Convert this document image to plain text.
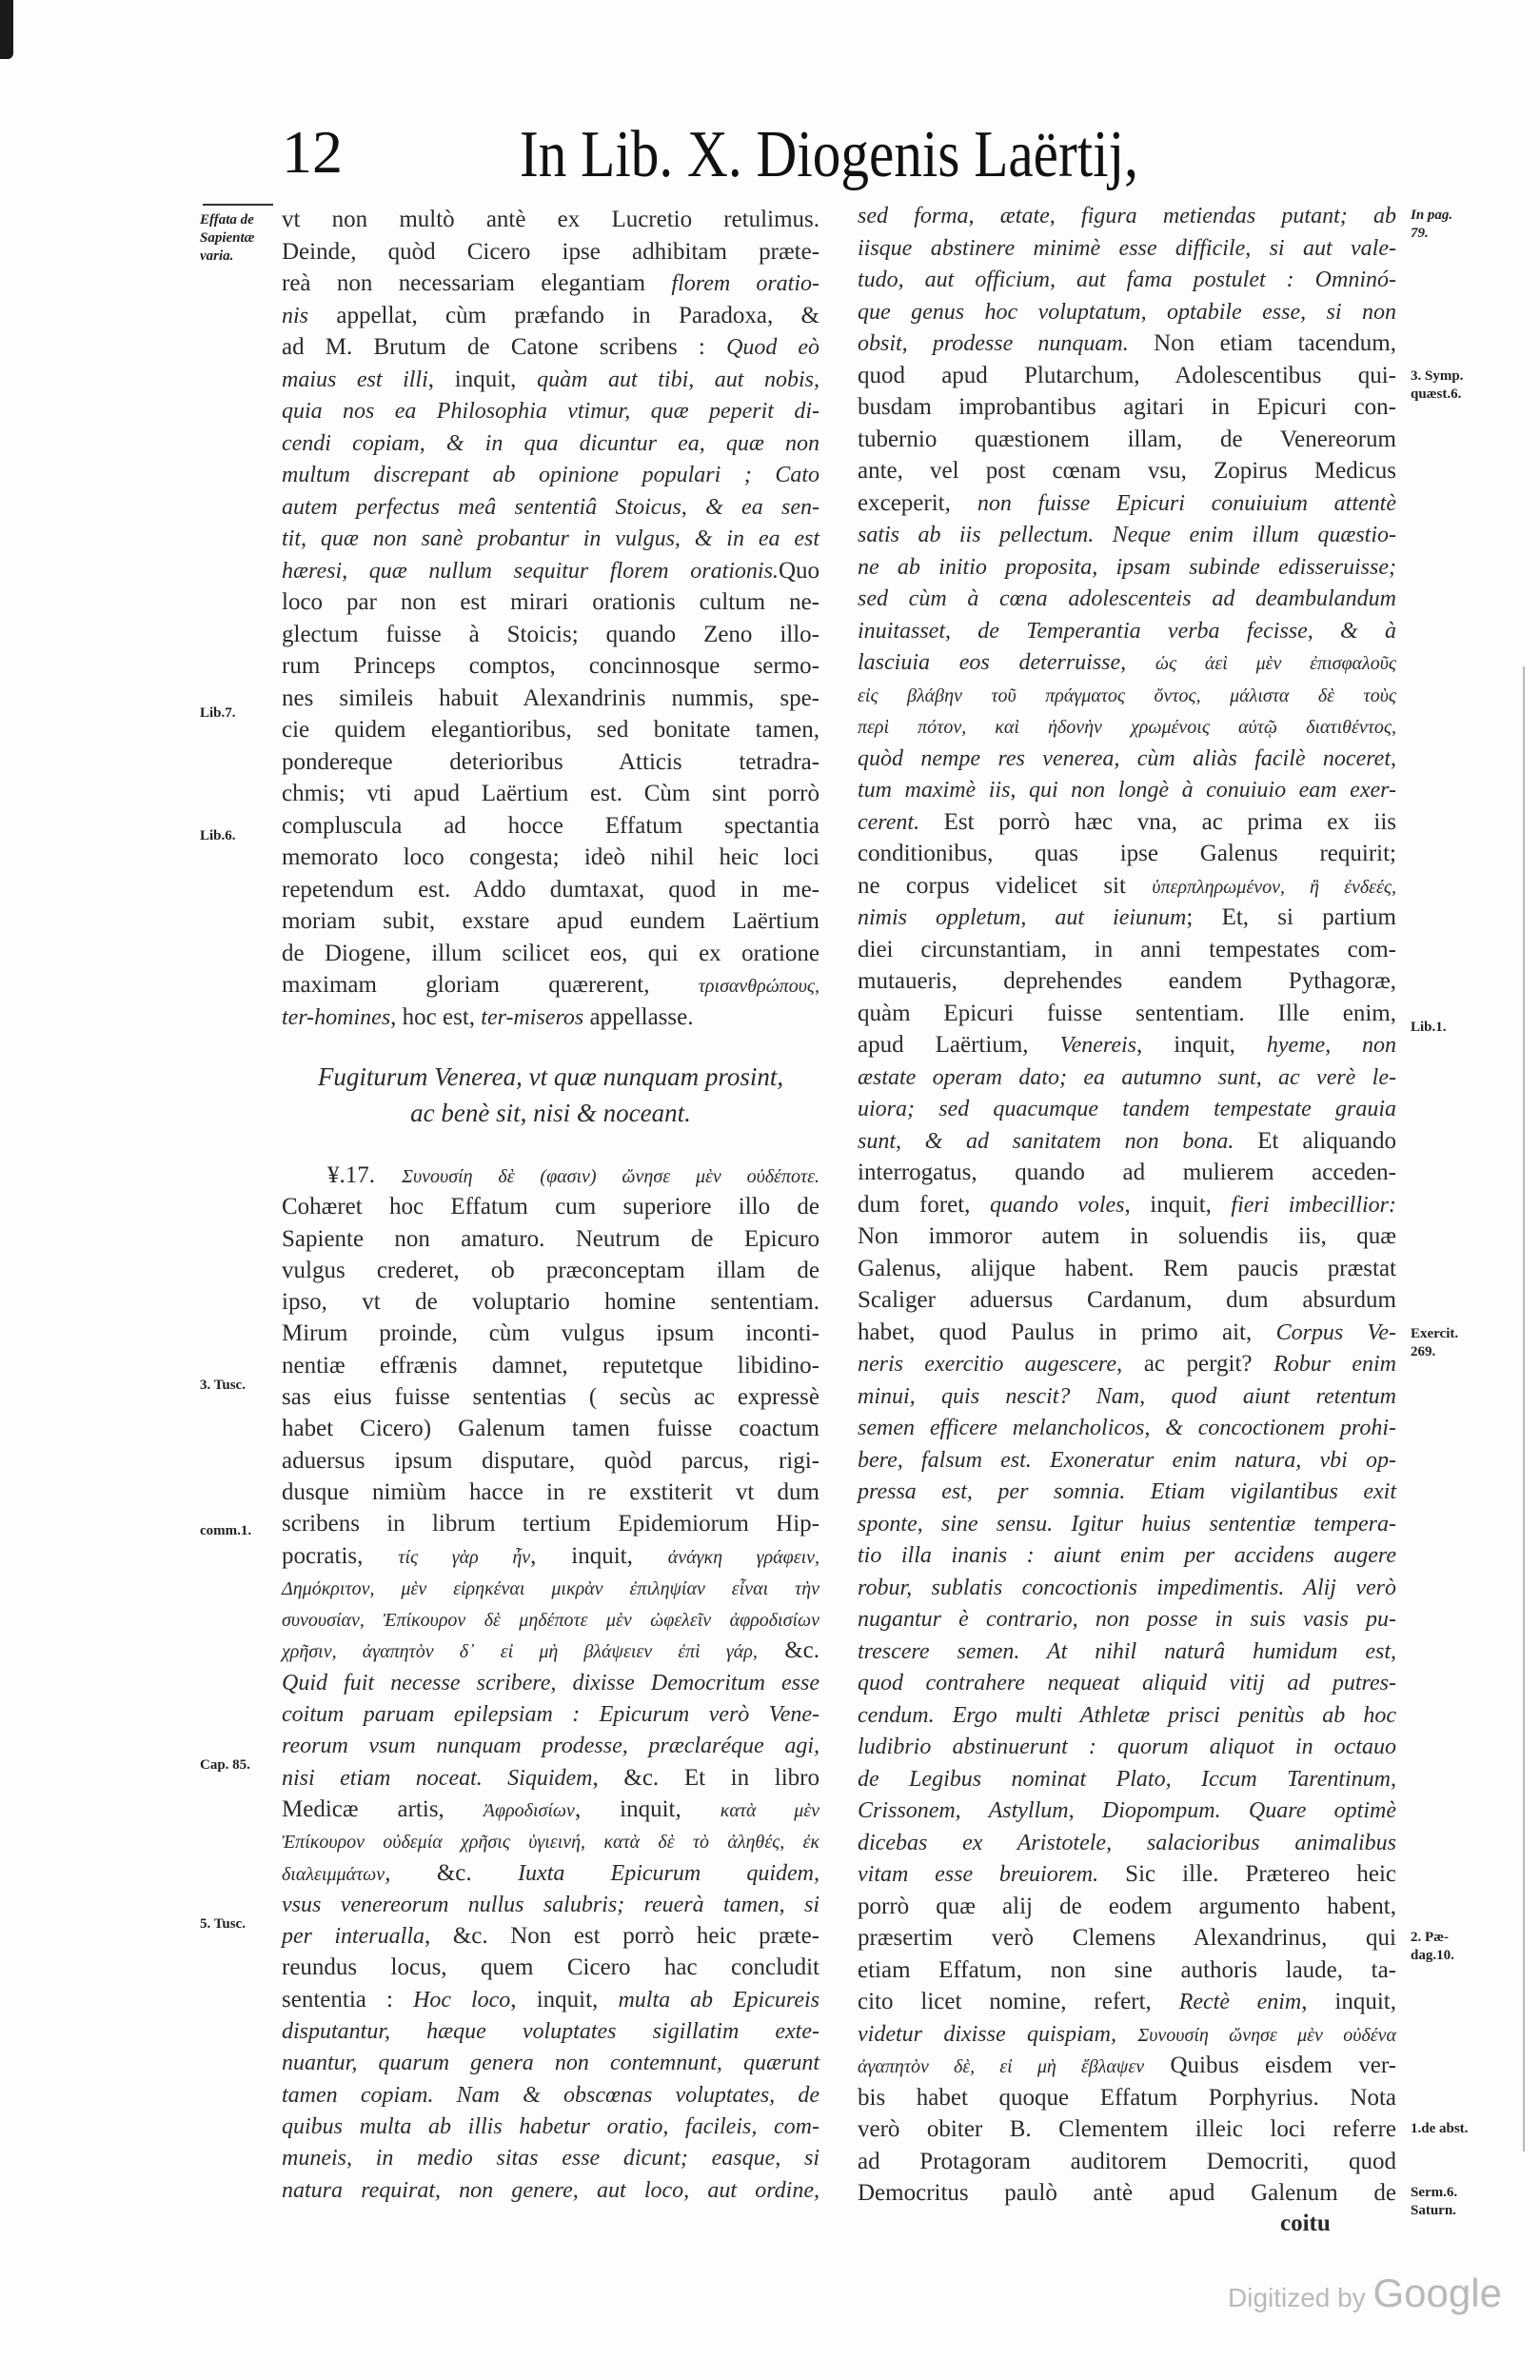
12	In Lib. X. Diogenis Laërtij,
vt non multò antè ex Lucretio retulimus.
Deinde, quòd Cicero ipse adhibitam præte-
reà non necessariam elegantiam florem oratio-
nis appellat, cùm præfando in Paradoxa, &
ad M. Brutum de Catone scribens : Quod eò
maius est illi, inquit, quàm aut tibi, aut nobis,
quia nos ea Philosophia vtimur, quæ peperit di-
cendi copiam, & in qua dicuntur ea, quæ non
multum discrepant ab opinione populari ; Cato
autem perfectus meâ sententiâ Stoicus, & ea sen-
tit, quæ non sanè probantur in vulgus, & in ea est
hæresi, quæ nullum sequitur florem orationis.Quo
loco par non est mirari orationis cultum ne-
glectum fuisse à Stoicis; quando Zeno illo-
rum Princeps comptos, concinnosque sermo-
nes simileis habuit Alexandrinis nummis, spe-
cie quidem elegantioribus, sed bonitate tamen,
pondereque deterioribus Atticis tetradra-
chmis; vti apud Laërtium est. Cùm sint porrò
compluscula ad hocce Effatum spectantia
memorato loco congesta; ideò nihil heic loci
repetendum est. Addo dumtaxat, quod in me-
moriam subit, exstare apud eundem Laërtium
de Diogene, illum scilicet eos, qui ex oratione
maximam gloriam quærerent, τρισανθρώπους,
ter-homines, hoc est, ter-miseros appellasse.
Fugiturum Venerea, vt quæ nunquam prosint,
ac benè sit, nisi & noceant.
¥.17. Συνουσίη δὲ (φασιν) ὤνησε μὲν οὐδέποτε.
Cohæret hoc Effatum cum superiore illo de
Sapiente non amaturo. Neutrum de Epicuro
vulgus crederet, ob præconceptam illam de
ipso, vt de voluptario homine sententiam.
Mirum proinde, cùm vulgus ipsum inconti-
nentiæ effrænis damnet, reputetque libidino-
sas eius fuisse sententias ( secùs ac expressè
habet Cicero) Galenum tamen fuisse coactum
aduersus ipsum disputare, quòd parcus, rigi-
dusque nimiùm hacce in re exstiterit vt dum
scribens in librum tertium Epidemiorum Hip-
pocratis, τίς γὰρ ἦν, inquit, ἀνάγκη γράφειν,
Δημόκριτον, μὲν εἰρηκέναι μικρὰν ἐπιληψίαν εἶναι τὴν
συνουσίαν, Ἐπίκουρον δὲ μηδέποτε μὲν ὠφελεῖν ἀφροδισίων
χρῆσιν, ἀγαπητὸν δ᾽ εἰ μὴ βλάψειεν ἐπὶ γάρ, &c.
Quid fuit necesse scribere, dixisse Democritum esse
coitum paruam epilepsiam : Epicurum verò Vene-
reorum vsum nunquam prodesse, præclaréque agi,
nisi etiam noceat. Siquidem, &c. Et in libro
Medicæ artis, Ἀφροδισίων, inquit, κατὰ μὲν
Ἐπίκουρον οὐδεμία χρῆσις ὑγιεινή, κατὰ δὲ τὸ ἀληθές, ἐκ
διαλειμμάτων, &c. Iuxta Epicurum quidem,
vsus venereorum nullus salubris; reuerà tamen, si
per interualla, &c. Non est porrò heic præte-
reundus locus, quem Cicero hac concludit
sententia : Hoc loco, inquit, multa ab Epicureis
disputantur, hæque voluptates sigillatim exte-
nuantur, quarum genera non contemnunt, quærunt
tamen copiam. Nam & obscœnas voluptates, de
quibus multa ab illis habetur oratio, facileis, com-
muneis, in medio sitas esse dicunt; easque, si
natura requirat, non genere, aut loco, aut ordine,
sed forma, ætate, figura metiendas putant; ab
iisque abstinere minimè esse difficile, si aut vale-
tudo, aut officium, aut fama postulet : Omninó-
que genus hoc voluptatum, optabile esse, si non
obsit, prodesse nunquam. Non etiam tacendum,
quod apud Plutarchum, Adolescentibus qui-
busdam improbantibus agitari in Epicuri con-
tubernio quæstionem illam, de Venereorum
ante, vel post cœnam vsu, Zopirus Medicus
exceperit, non fuisse Epicuri conuiuium attentè
satis ab iis pellectum. Neque enim illum quæstio-
ne ab initio proposita, ipsam subinde edisseruisse;
sed cùm à cœna adolescenteis ad deambulandum
inuitasset, de Temperantia verba fecisse, & à
lasciuia eos deterruisse, ὡς ἀεὶ μὲν ἐπισφαλοῦς
εἰς βλάβην τοῦ πράγματος ὄντος, μάλιστα δὲ τοὺς
περὶ πότον, καὶ ἡδονὴν χρωμένοις αὐτῷ διατιθέντος,
quòd nempe res venerea, cùm aliàs facilè noceret,
tum maximè iis, qui non longè à conuiuio eam exer-
cerent. Est porrò hæc vna, ac prima ex iis
conditionibus, quas ipse Galenus requirit;
ne corpus videlicet sit ὑπερπληρωμένον, ἢ ἐνδεές,
nimis oppletum, aut ieiunum; Et, si partium
diei circunstantiam, in anni tempestates com-
mutaueris, deprehendes eandem Pythagoræ,
quàm Epicuri fuisse sententiam. Ille enim,
apud Laërtium, Venereis, inquit, hyeme, non
æstate operam dato; ea autumno sunt, ac verè le-
uiora; sed quacumque tandem tempestate grauia
sunt, & ad sanitatem non bona. Et aliquando
interrogatus, quando ad mulierem acceden-
dum foret, quando voles, inquit, fieri imbecillior:
Non immoror autem in soluendis iis, quæ
Galenus, alijque habent. Rem paucis præstat
Scaliger aduersus Cardanum, dum absurdum
habet, quod Paulus in primo ait, Corpus Ve-
neris exercitio augescere, ac pergit? Robur enim
minui, quis nescit? Nam, quod aiunt retentum
semen efficere melancholicos, & concoctionem prohi-
bere, falsum est. Exoneratur enim natura, vbi op-
pressa est, per somnia. Etiam vigilantibus exit
sponte, sine sensu. Igitur huius sententiæ tempera-
tio illa inanis : aiunt enim per accidens augere
robur, sublatis concoctionis impedimentis. Alij verò
nugantur è contrario, non posse in suis vasis pu-
trescere semen. At nihil naturâ humidum est,
quod contrahere nequeat aliquid vitij ad putres-
cendum. Ergo multi Athletæ prisci penitùs ab hoc
ludibrio abstinuerunt : quorum aliquot in octauo
de Legibus nominat Plato, Iccum Tarentinum,
Crissonem, Astyllum, Diopompum. Quare optimè
dicebas ex Aristotele, salacioribus animalibus
vitam esse breuiorem. Sic ille. Prætereo heic
porrò quæ alij de eodem argumento habent,
præsertim verò Clemens Alexandrinus, qui
etiam Effatum, non sine authoris laude, ta-
cito licet nomine, refert, Rectè enim, inquit,
videtur dixisse quispiam, Συνουσίη ὤνησε μὲν οὐδένα
ἀγαπητὸν δὲ, εἰ μὴ ἔβλαψεν Quibus eisdem ver-
bis habet quoque Effatum Porphyrius. Nota
verò obiter B. Clementem illeic loci referre
ad Protagoram auditorem Democriti, quod
Democritus paulò antè apud Galenum de
coitu
Effata de
Sapientæ
varia.
Lib.7.
Lib.6.
3. Tusc.
comm.1.
Cap. 85.
5. Tusc.
In pag.
79.
3. Symp.
quæst.6.
Lib.1.
Exercit.
269.
2. Pæ-
dag.10.
1.de abst.
Serm.6.
Saturn.
Digitized by Google
